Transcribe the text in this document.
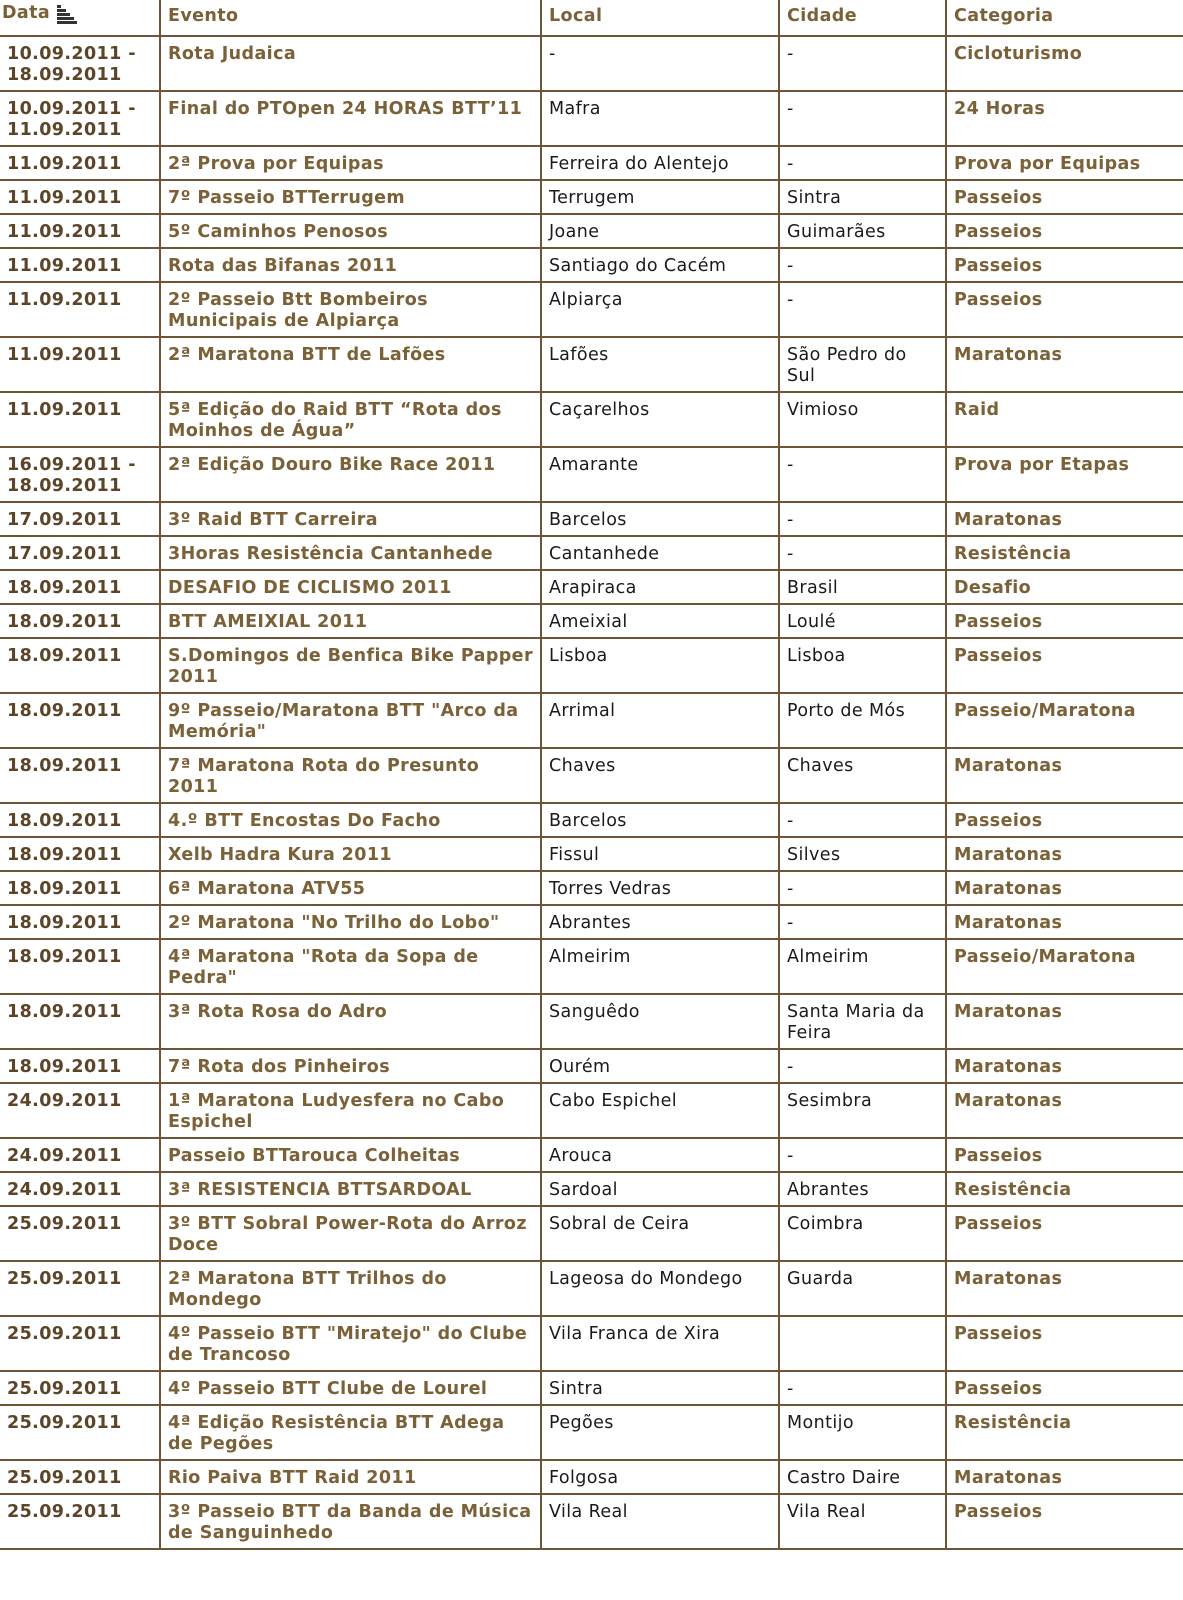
Data	Evento	Local	Cidade	Categoria
10.09.2011 - 18.09.2011	Rota Judaica	-	-	Cicloturismo
10.09.2011 - 11.09.2011	Final do PTOpen 24 HORAS BTT’11	Mafra	-	24 Horas
11.09.2011	2ª Prova por Equipas	Ferreira do Alentejo	-	Prova por Equipas
11.09.2011	7º Passeio BTTerrugem	Terrugem	Sintra	Passeios
11.09.2011	5º Caminhos Penosos	Joane	Guimarães	Passeios
11.09.2011	Rota das Bifanas 2011	Santiago do Cacém	-	Passeios
11.09.2011	2º Passeio Btt Bombeiros Municipais de Alpiarça	Alpiarça	-	Passeios
11.09.2011	2ª Maratona BTT de Lafões	Lafões	São Pedro do Sul	Maratonas
11.09.2011	5ª Edição do Raid BTT “Rota dos Moinhos de Água”	Caçarelhos	Vimioso	Raid
16.09.2011 - 18.09.2011	2ª Edição Douro Bike Race 2011	Amarante	-	Prova por Etapas
17.09.2011	3º Raid BTT Carreira	Barcelos	-	Maratonas
17.09.2011	3Horas Resistência Cantanhede	Cantanhede	-	Resistência
18.09.2011	DESAFIO DE CICLISMO 2011	Arapiraca	Brasil	Desafio
18.09.2011	BTT AMEIXIAL 2011	Ameixial	Loulé	Passeios
18.09.2011	S.Domingos de Benfica Bike Papper 2011	Lisboa	Lisboa	Passeios
18.09.2011	9º Passeio/Maratona BTT "Arco da Memória"	Arrimal	Porto de Mós	Passeio/Maratona
18.09.2011	7ª Maratona Rota do Presunto 2011	Chaves	Chaves	Maratonas
18.09.2011	4.º BTT Encostas Do Facho	Barcelos	-	Passeios
18.09.2011	Xelb Hadra Kura 2011	Fissul	Silves	Maratonas
18.09.2011	6ª Maratona ATV55	Torres Vedras	-	Maratonas
18.09.2011	2º Maratona "No Trilho do Lobo"	Abrantes	-	Maratonas
18.09.2011	4ª Maratona "Rota da Sopa de Pedra"	Almeirim	Almeirim	Passeio/Maratona
18.09.2011	3ª Rota Rosa do Adro	Sanguêdo	Santa Maria da Feira	Maratonas
18.09.2011	7ª Rota dos Pinheiros	Ourém	-	Maratonas
24.09.2011	1ª Maratona Ludyesfera no Cabo Espichel	Cabo Espichel	Sesimbra	Maratonas
24.09.2011	Passeio BTTarouca Colheitas	Arouca	-	Passeios
24.09.2011	3ª RESISTENCIA BTTSARDOAL	Sardoal	Abrantes	Resistência
25.09.2011	3º BTT Sobral Power-Rota do Arroz Doce	Sobral de Ceira	Coimbra	Passeios
25.09.2011	2ª Maratona BTT Trilhos do Mondego	Lageosa do Mondego	Guarda	Maratonas
25.09.2011	4º Passeio BTT "Miratejo" do Clube de Trancoso	Vila Franca de Xira		Passeios
25.09.2011	4º Passeio BTT Clube de Lourel	Sintra	-	Passeios
25.09.2011	4ª Edição Resistência BTT Adega de Pegões	Pegões	Montijo	Resistência
25.09.2011	Rio Paiva BTT Raid 2011	Folgosa	Castro Daire	Maratonas
25.09.2011	3º Passeio BTT da Banda de Música de Sanguinhedo	Vila Real	Vila Real	Passeios
